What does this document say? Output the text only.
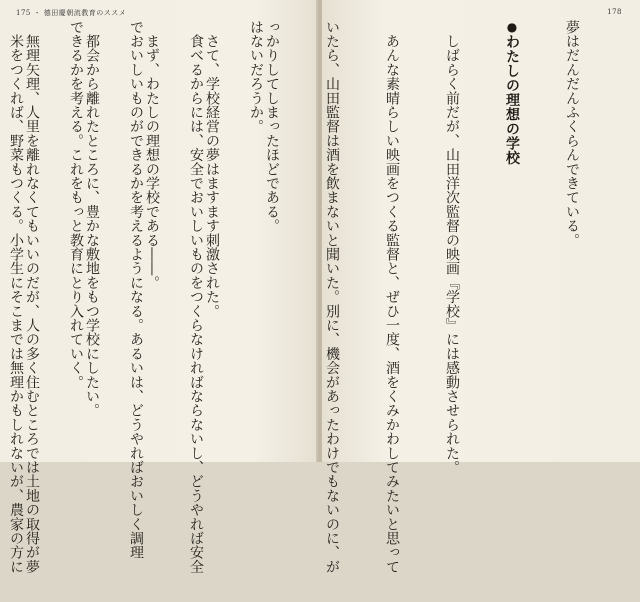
175 ・ 德田慶朝流教育のススメ

はないだろうか。

　食べるからには、安全でおいしいものをつくらなければならないし、どうやれば安全

でおいしいものができるかを考えるようになる。あるいは、どうやればおいしく調理

できるかを考える。これをもっと教育にとり入れていく。

　米をつくれば、野菜もつくる。小学生にそこまでは無理かもしれないが、農家の方に

178

夢はだんだんふくらんできている。

●わたしの理想の学校

　しばらく前だが、山田洋次監督の映画『学校』には感動させられた。

　あんな素晴らしい映画をつくる監督と、ぜひ一度、酒をくみかわしてみたいと思って

いたら、山田監督は酒を飲まないと聞いた。別に、機会があったわけでもないのに、が

っかりしてしまったほどである。

　さて、学校経営の夢はますます刺激された。

　まず、わたしの理想の学校である――。

　都会から離れたところに、豊かな敷地をもつ学校にしたい。

　無理矢理、人里を離れなくてもいいのだが、人の多く住むところでは土地の取得が夢
